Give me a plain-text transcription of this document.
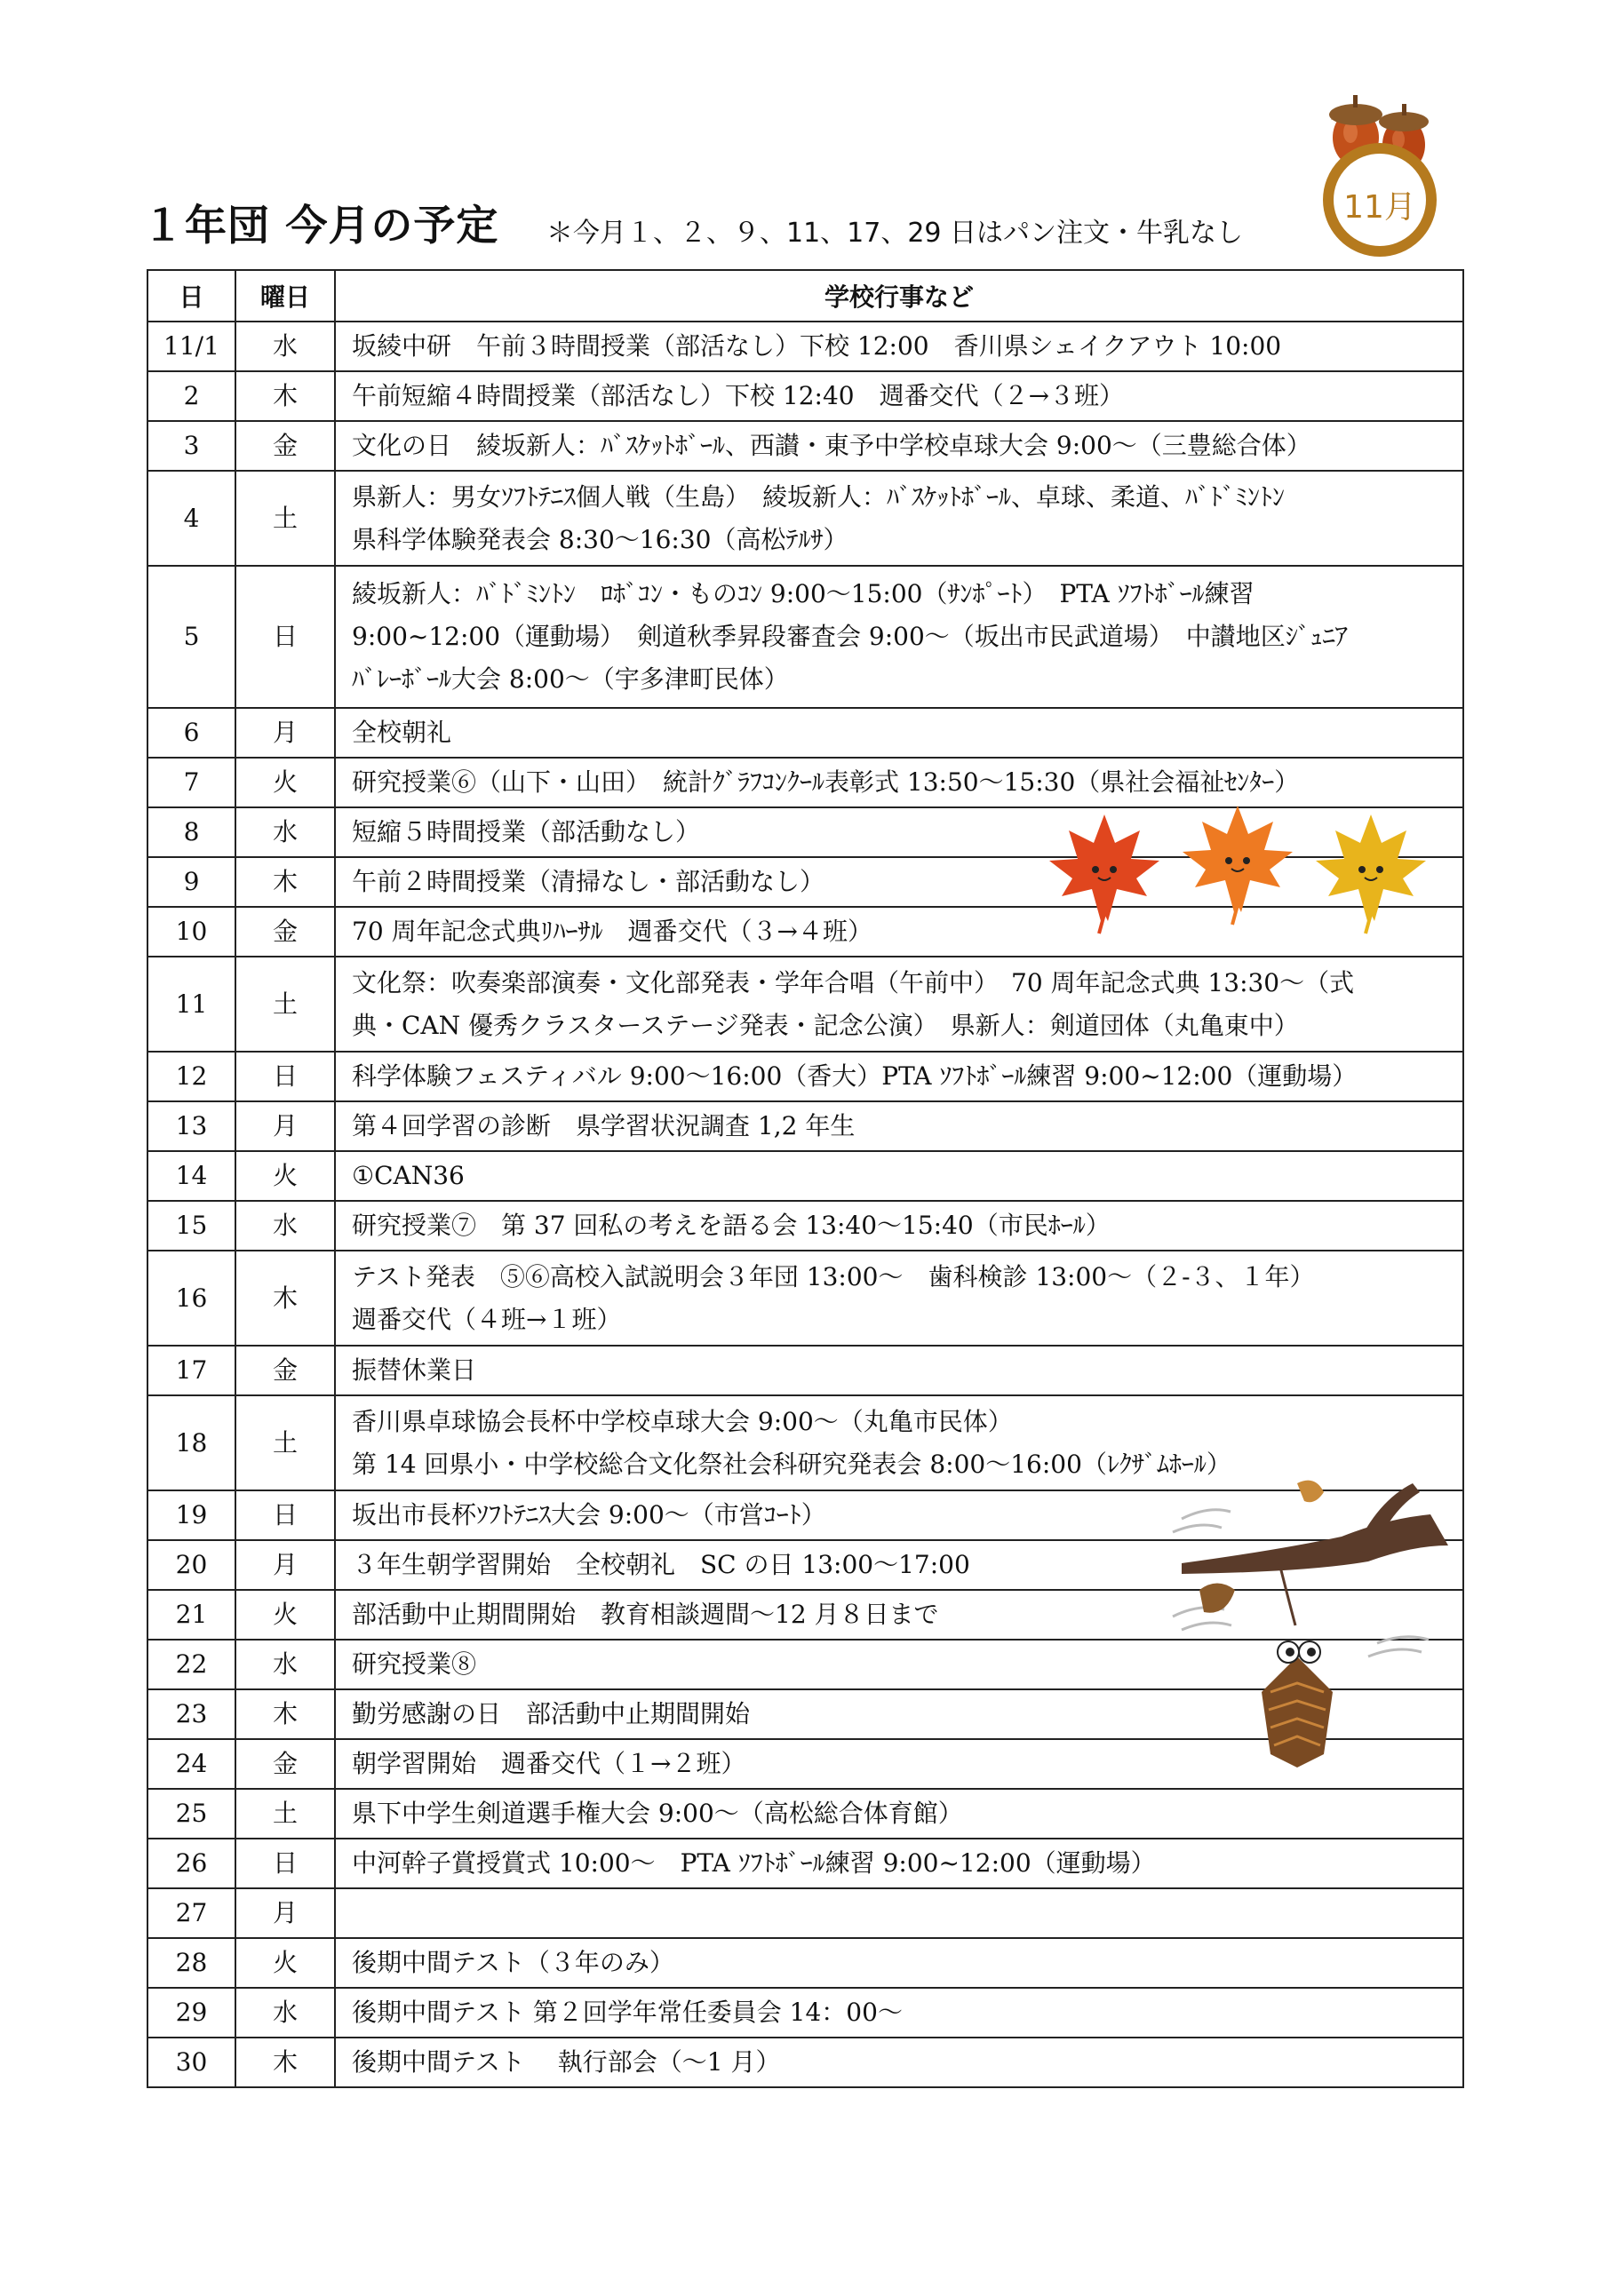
１年団 今月の予定 ＊今月１、２、９、11、17、29 日はパン注文・牛乳なし
11月
日	曜日	学校行事など
11/1	水	坂綾中研　午前３時間授業（部活なし）下校 12:00　香川県シェイクアウト 10:00
2	木	午前短縮４時間授業（部活なし）下校 12:40　週番交代（２→３班）
3	金	文化の日　綾坂新人：ﾊﾞｽｹｯﾄﾎﾞｰﾙ、西讃・東予中学校卓球大会 9:00～（三豊総合体）
4	土	県新人：男女ｿﾌﾄﾃﾆｽ個人戦（生島）　綾坂新人：ﾊﾞｽｹｯﾄﾎﾞｰﾙ、卓球、柔道、ﾊﾞﾄﾞﾐﾝﾄﾝ
県科学体験発表会 8:30～16:30（高松ﾃﾙｻ）
5	日	綾坂新人：ﾊﾞﾄﾞﾐﾝﾄﾝ　ﾛﾎﾞｺﾝ・ものｺﾝ 9:00～15:00（ｻﾝﾎﾟｰﾄ）　PTA ｿﾌﾄﾎﾞｰﾙ練習
9:00~12:00（運動場）　剣道秋季昇段審査会 9:00～（坂出市民武道場）　中讃地区ｼﾞｭﾆｱ
ﾊﾞﾚｰﾎﾞｰﾙ大会 8:00～（宇多津町民体）
6	月	全校朝礼
7	火	研究授業⑥（山下・山田）　統計ｸﾞﾗﾌｺﾝｸｰﾙ表彰式 13:50～15:30（県社会福祉ｾﾝﾀｰ）
8	水	短縮５時間授業（部活動なし）
9	木	午前２時間授業（清掃なし・部活動なし）
10	金	70 周年記念式典ﾘﾊｰｻﾙ　週番交代（３→４班）
11	土	文化祭：吹奏楽部演奏・文化部発表・学年合唱（午前中）　70 周年記念式典 13:30～（式
典・CAN 優秀クラスターステージ発表・記念公演）　県新人：剣道団体（丸亀東中）
12	日	科学体験フェスティバル 9:00～16:00（香大）PTA ｿﾌﾄﾎﾞｰﾙ練習 9:00~12:00（運動場）
13	月	第４回学習の診断　県学習状況調査 1,2 年生
14	火	①CAN36
15	水	研究授業⑦　第 37 回私の考えを語る会 13:40～15:40（市民ﾎｰﾙ）
16	木	テスト発表　⑤⑥高校入試説明会３年団 13:00～　歯科検診 13:00～（２-３、１年）
週番交代（４班→１班）
17	金	振替休業日
18	土	香川県卓球協会長杯中学校卓球大会 9:00～（丸亀市民体）
第 14 回県小・中学校総合文化祭社会科研究発表会 8:00～16:00（ﾚｸｻﾞﾑﾎｰﾙ）
19	日	坂出市長杯ｿﾌﾄﾃﾆｽ大会 9:00～（市営ｺｰﾄ）
20	月	３年生朝学習開始　全校朝礼　SC の日 13:00～17:00
21	火	部活動中止期間開始　教育相談週間～12 月８日まで
22	水	研究授業⑧
23	木	勤労感謝の日　部活動中止期間開始
24	金	朝学習開始　週番交代（１→２班）
25	土	県下中学生剣道選手権大会 9:00～（高松総合体育館）
26	日	中河幹子賞授賞式 10:00～　PTA ｿﾌﾄﾎﾞｰﾙ練習 9:00~12:00（運動場）
27	月	
28	火	後期中間テスト（３年のみ）
29	水	後期中間テスト 第２回学年常任委員会 14：00～
30	木	後期中間テスト　 執行部会（～1 月）
